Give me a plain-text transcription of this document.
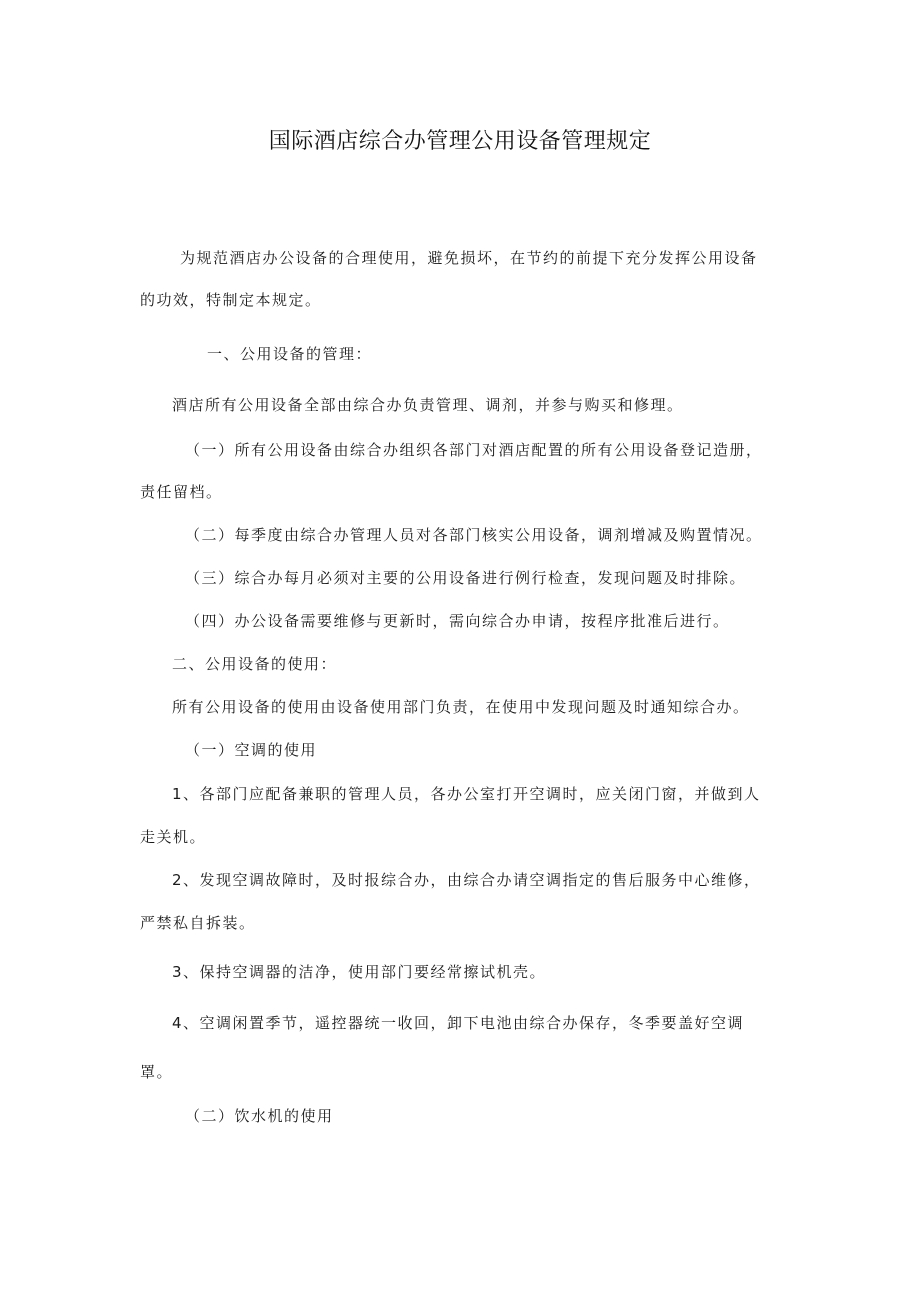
国际酒店综合办管理公用设备管理规定

为规范酒店办公设备的合理使用，避免损坏，在节约的前提下充分发挥公用设备

的功效，特制定本规定。

一、公用设备的管理：

酒店所有公用设备全部由综合办负责管理、调剂，并参与购买和修理。

（一）所有公用设备由综合办组织各部门对酒店配置的所有公用设备登记造册，

责任留档。

（二）每季度由综合办管理人员对各部门核实公用设备，调剂增减及购置情况。

（三）综合办每月必须对主要的公用设备进行例行检查，发现问题及时排除。

（四）办公设备需要维修与更新时，需向综合办申请，按程序批准后进行。

二、公用设备的使用：

所有公用设备的使用由设备使用部门负责，在使用中发现问题及时通知综合办。

（一）空调的使用

1、各部门应配备兼职的管理人员，各办公室打开空调时，应关闭门窗，并做到人

走关机。

2、发现空调故障时，及时报综合办，由综合办请空调指定的售后服务中心维修，

严禁私自拆装。

3、保持空调器的洁净，使用部门要经常擦试机壳。

4、空调闲置季节，遥控器统一收回，卸下电池由综合办保存，冬季要盖好空调

罩。

（二）饮水机的使用
